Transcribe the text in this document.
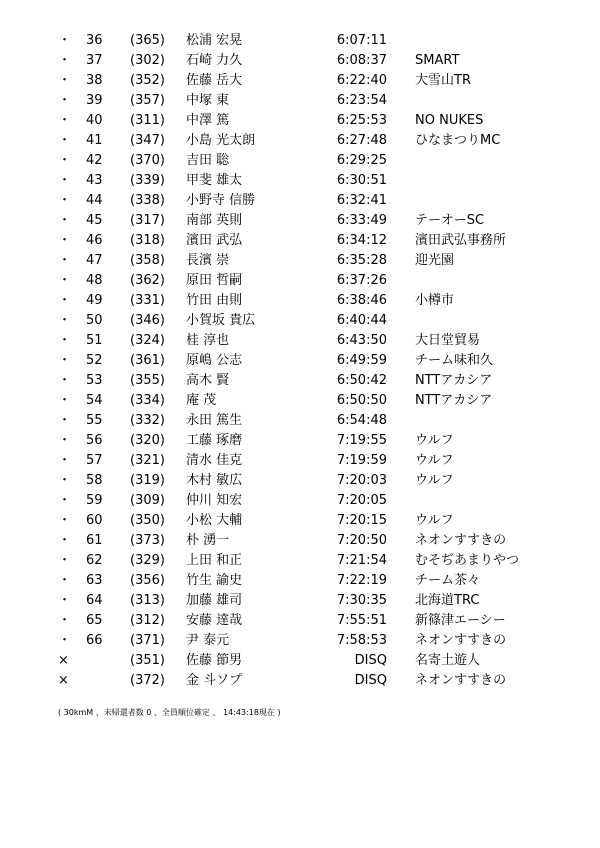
・ 36 (365) 松浦 宏晃	6:07:11
・ 37 (302) 石崎 力久	6:08:37 SMART
・ 38 (352) 佐藤 岳大	6:22:40 大雪山TR
・ 39 (357) 中塚 東	6:23:54
・ 40 (311) 中澤 篤	6:25:53 NO NUKES
・ 41 (347) 小島 光太朗	6:27:48 ひなまつりMC
・ 42 (370) 吉田 聡	6:29:25
・ 43 (339) 甲斐 雄太	6:30:51
・ 44 (338) 小野寺 信勝	6:32:41
・ 45 (317) 南部 英則	6:33:49 テーオーSC
・ 46 (318) 濱田 武弘	6:34:12 濱田武弘事務所
・ 47 (358) 長濱 崇	6:35:28 迎光園
・ 48 (362) 原田 哲嗣	6:37:26
・ 49 (331) 竹田 由則	6:38:46 小樽市
・ 50 (346) 小賀坂 貴広	6:40:44
・ 51 (324) 桂 淳也	6:43:50 大日堂貿易
・ 52 (361) 原嶋 公志	6:49:59 チーム味和久
・ 53 (355) 高木 賢	6:50:42 NTTアカシア
・ 54 (334) 庵 茂	6:50:50 NTTアカシア
・ 55 (332) 永田 篤生	6:54:48
・ 56 (320) 工藤 琢磨	7:19:55 ウルフ
・ 57 (321) 清水 佳克	7:19:59 ウルフ
・ 58 (319) 木村 敏広	7:20:03 ウルフ
・ 59 (309) 仲川 知宏	7:20:05
・ 60 (350) 小松 大輔	7:20:15 ウルフ
・ 61 (373) 朴 湧一	7:20:50 ネオンすすきの
・ 62 (329) 上田 和正	7:21:54 むそぢあまりやつ
・ 63 (356) 竹生 諭史	7:22:19 チーム茶々
・ 64 (313) 加藤 雄司	7:30:35 北海道TRC
・ 65 (312) 安藤 達哉	7:55:51 新篠津エーシー
・ 66 (371) 尹 泰元	7:58:53 ネオンすすきの
×	(351) 佐藤 節男	DISQ 名寄土遊人
×	(372) 金 斗ソプ	DISQ ネオンすすきの
( 30kmM 、未帰還者数 0 、全員順位確定 、 14:43:18現在 )
